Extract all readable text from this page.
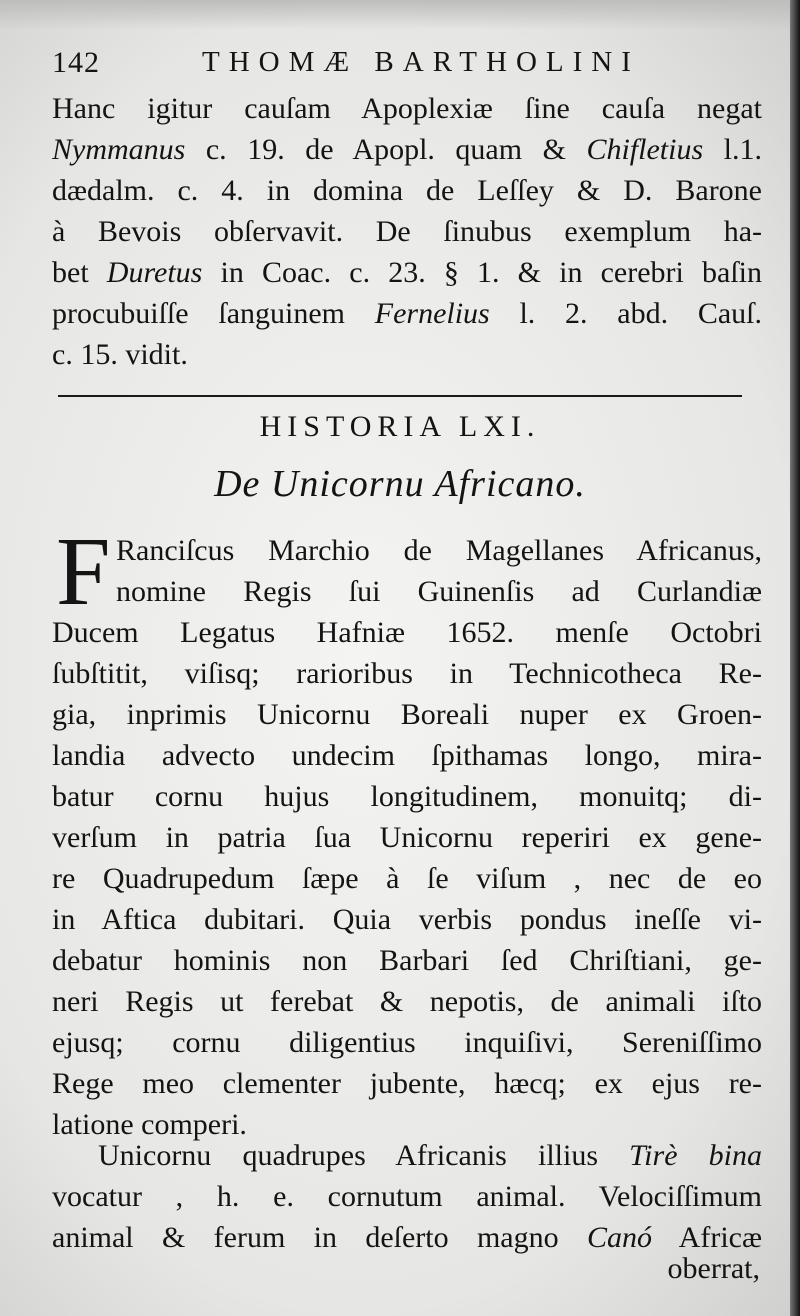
142	THOMÆ BARTHOLINI
Hanc igitur cauſam Apoplexiæ ſine cauſa negat
Nymmanus c. 19. de Apopl. quam & Chifletius l.1.
dædalm. c. 4. in domina de Leſſey & D. Barone
à Bevois obſervavit. De ſinubus exemplum ha-
bet Duretus in Coac. c. 23. § 1. & in cerebri baſin
procubuiſſe ſanguinem Fernelius l. 2. abd. Cauſ.
c. 15. vidit.
HISTORIA LXI.
De Unicornu Africano.
F Ranciſcus Marchio de Magellanes Africanus,
nomine Regis ſui Guinenſis ad Curlandiæ
Ducem Legatus Hafniæ 1652. menſe Octobri
ſubſtitit, viſisq; rarioribus in Technicotheca Re-
gia, inprimis Unicornu Boreali nuper ex Groen-
landia advecto undecim ſpithamas longo, mira-
batur cornu hujus longitudinem, monuitq; di-
verſum in patria ſua Unicornu reperiri ex gene-
re Quadrupedum ſæpe à ſe viſum , nec de eo
in Aftica dubitari. Quia verbis pondus ineſſe vi-
debatur hominis non Barbari ſed Chriſtiani, ge-
neri Regis ut ferebat & nepotis, de animali iſto
ejusq; cornu diligentius inquiſivi, Sereniſſimo
Rege meo clementer jubente, hæcq; ex ejus re-
latione comperi.
Unicornu quadrupes Africanis illius Tirè bina
vocatur , h. e. cornutum animal. Velociſſimum
animal & ferum in deſerto magno Canó Africæ
oberrat,
